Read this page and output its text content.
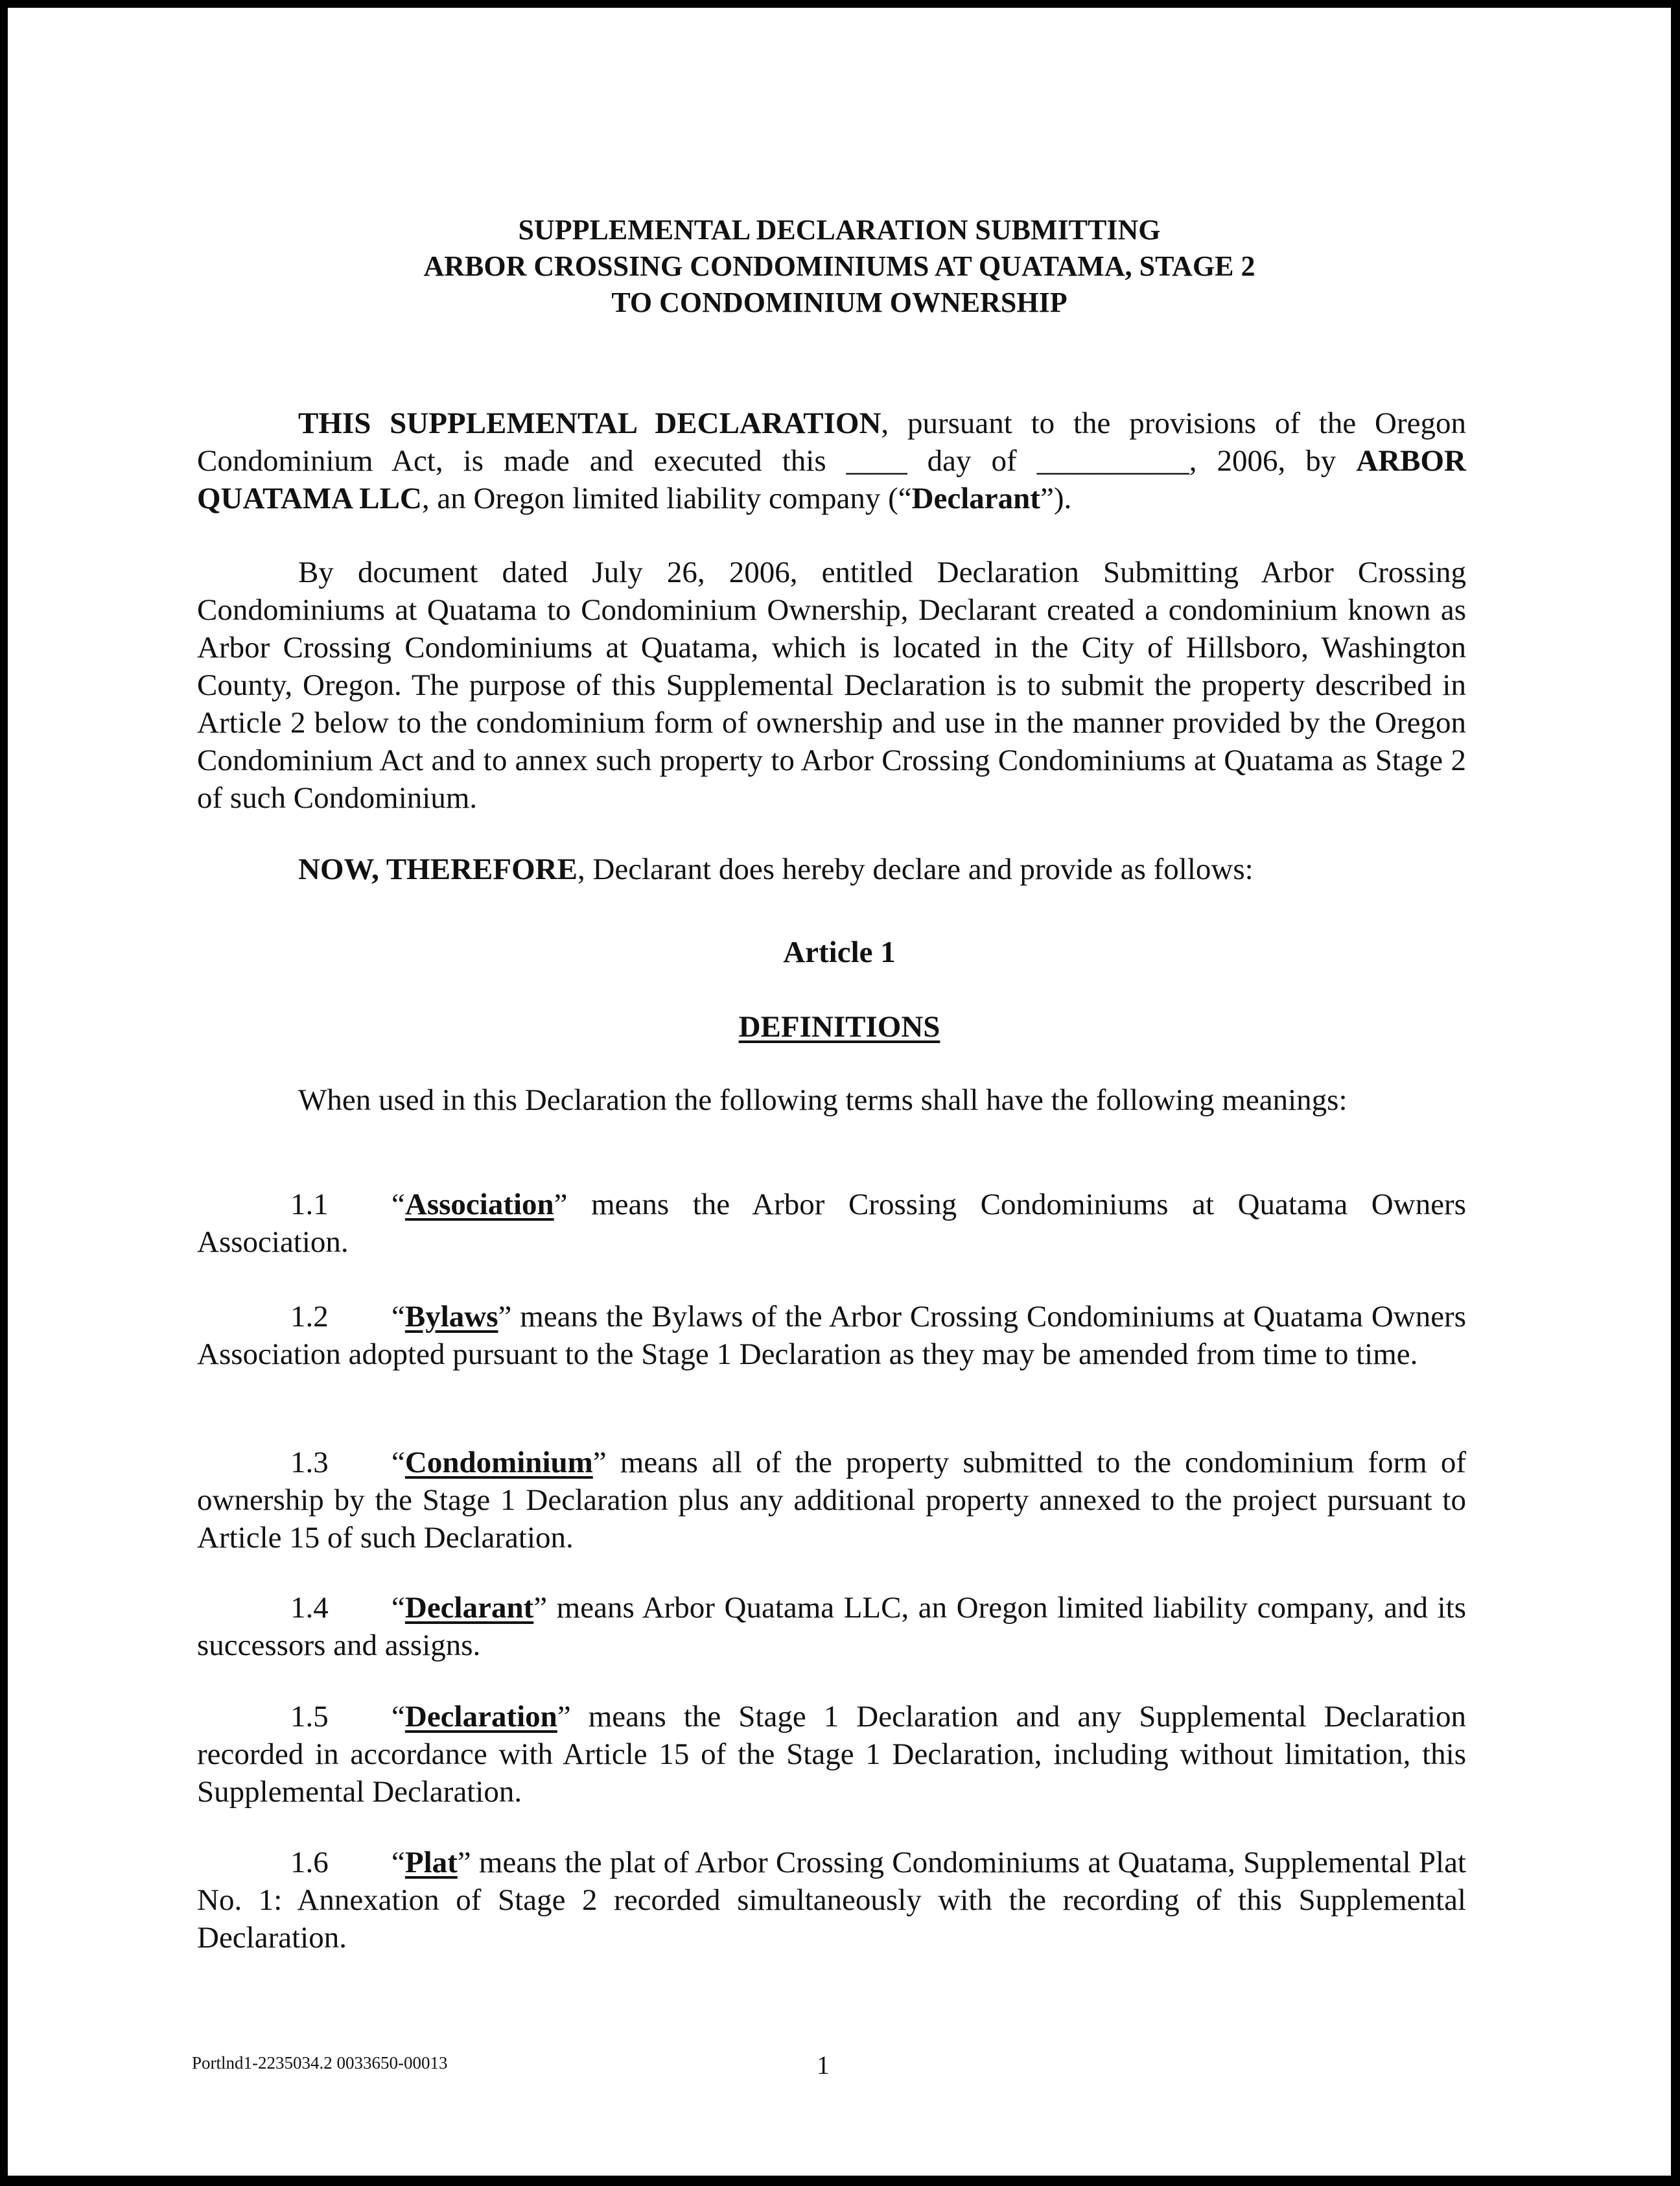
SUPPLEMENTAL DECLARATION SUBMITTING
ARBOR CROSSING CONDOMINIUMS AT QUATAMA, STAGE 2
TO CONDOMINIUM OWNERSHIP

THIS SUPPLEMENTAL DECLARATION, pursuant to the provisions of the Oregon Condominium Act, is made and executed this ____ day of __________, 2006, by ARBOR QUATAMA LLC, an Oregon limited liability company (“Declarant”).

By document dated July 26, 2006, entitled Declaration Submitting Arbor Crossing Condominiums at Quatama to Condominium Ownership, Declarant created a condominium known as Arbor Crossing Condominiums at Quatama, which is located in the City of Hillsboro, Washington County, Oregon. The purpose of this Supplemental Declaration is to submit the property described in Article 2 below to the condominium form of ownership and use in the manner provided by the Oregon Condominium Act and to annex such property to Arbor Crossing Condominiums at Quatama as Stage 2 of such Condominium.

NOW, THEREFORE, Declarant does hereby declare and provide as follows:

Article 1
DEFINITIONS

When used in this Declaration the following terms shall have the following meanings:

1.1 “Association” means the Arbor Crossing Condominiums at Quatama Owners Association.

1.2 “Bylaws” means the Bylaws of the Arbor Crossing Condominiums at Quatama Owners Association adopted pursuant to the Stage 1 Declaration as they may be amended from time to time.

1.3 “Condominium” means all of the property submitted to the condominium form of ownership by the Stage 1 Declaration plus any additional property annexed to the project pursuant to Article 15 of such Declaration.

1.4 “Declarant” means Arbor Quatama LLC, an Oregon limited liability company, and its successors and assigns.

1.5 “Declaration” means the Stage 1 Declaration and any Supplemental Declaration recorded in accordance with Article 15 of the Stage 1 Declaration, including without limitation, this Supplemental Declaration.

1.6 “Plat” means the plat of Arbor Crossing Condominiums at Quatama, Supplemental Plat No. 1: Annexation of Stage 2 recorded simultaneously with the recording of this Supplemental Declaration.

Portlnd1-2235034.2 0033650-00013	1
